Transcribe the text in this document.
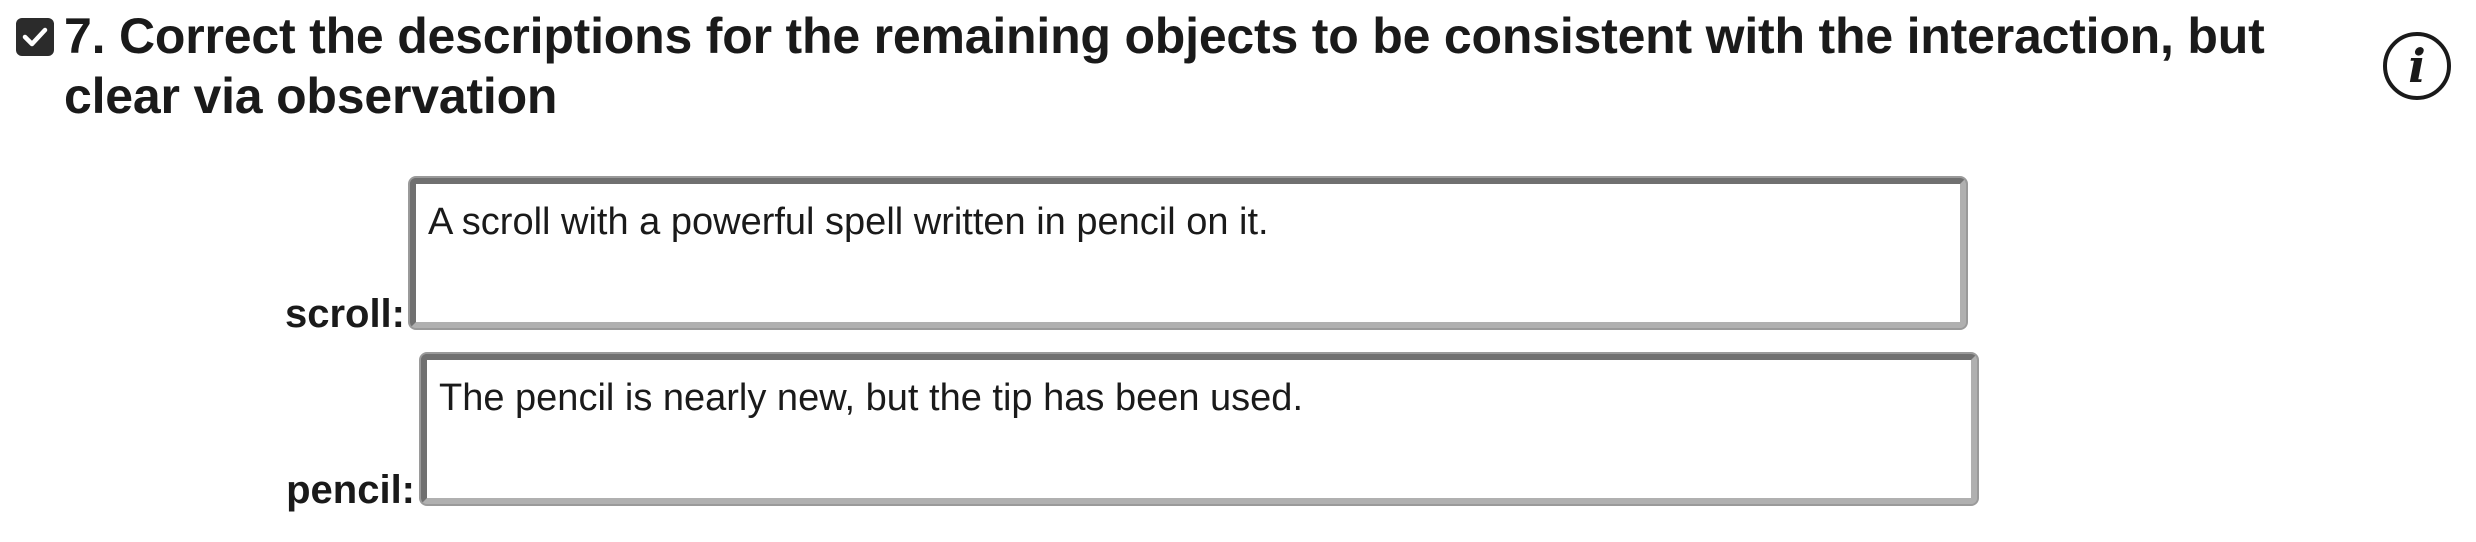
7. Correct the descriptions for the remaining objects to be consistent with the interaction, but clear via observation
i
scroll:
A scroll with a powerful spell written in pencil on it.
pencil:
The pencil is nearly new, but the tip has been used.
